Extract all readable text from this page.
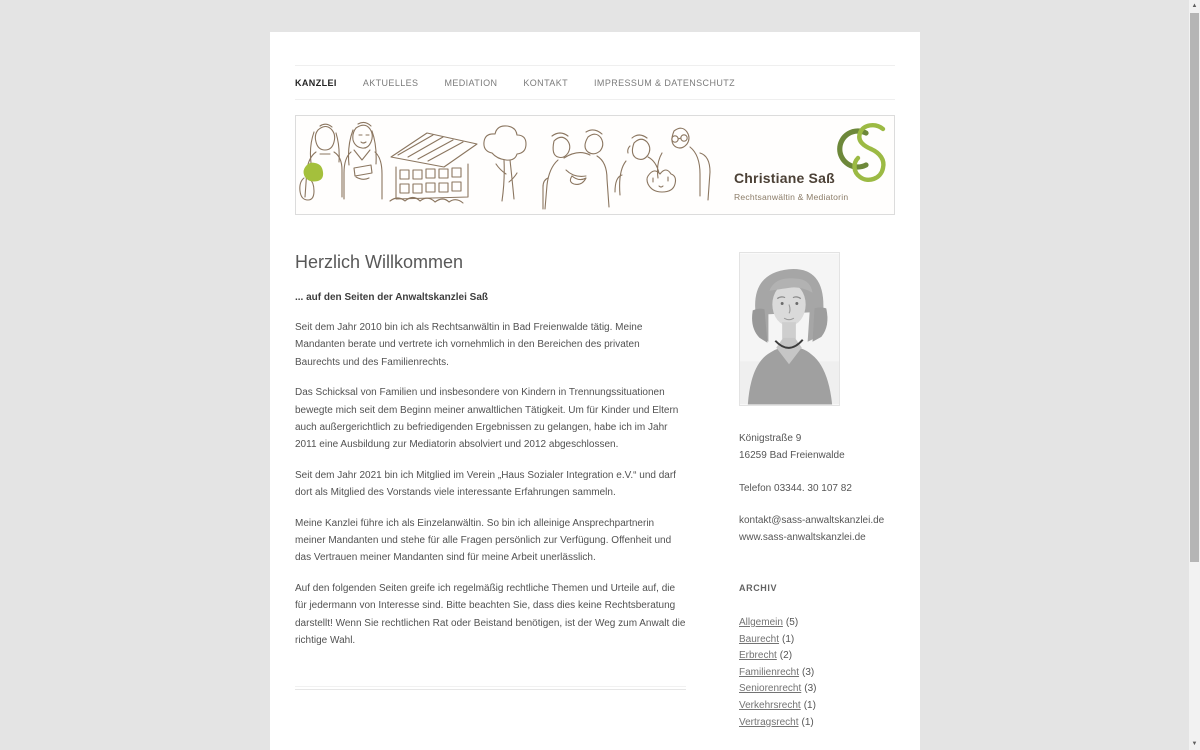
KANZLEI	AKTUELLES	MEDIATION	KONTAKT	IMPRESSUM & DATENSCHUTZ
Christiane Saß
Rechtsanwältin & Mediatorin
Herzlich Willkommen

... auf den Seiten der Anwaltskanzlei Saß

Seit dem Jahr 2010 bin ich als Rechtsanwältin in Bad Freienwalde tätig. Meine Mandanten berate und vertrete ich vornehmlich in den Bereichen des privaten Baurechts und des Familienrechts.

Das Schicksal von Familien und insbesondere von Kindern in Trennungssituationen bewegte mich seit dem Beginn meiner anwaltlichen Tätigkeit. Um für Kinder und Eltern auch außergerichtlich zu befriedigenden Ergebnissen zu gelangen, habe ich im Jahr 2011 eine Ausbildung zur Mediatorin absolviert und 2012 abgeschlossen.

Seit dem Jahr 2021 bin ich Mitglied im Verein „Haus Sozialer Integration e.V.“ und darf dort als Mitglied des Vorstands viele interessante Erfahrungen sammeln.

Meine Kanzlei führe ich als Einzelanwältin. So bin ich alleinige Ansprechpartnerin meiner Mandanten und stehe für alle Fragen persönlich zur Verfügung. Offenheit und das Vertrauen meiner Mandanten sind für meine Arbeit unerlässlich.

Auf den folgenden Seiten greife ich regelmäßig rechtliche Themen und Urteile auf, die für jedermann von Interesse sind. Bitte beachten Sie, dass dies keine Rechtsberatung darstellt! Wenn Sie rechtlichen Rat oder Beistand benötigen, ist der Weg zum Anwalt die richtige Wahl.

Königstraße 9
16259 Bad Freienwalde
Telefon 03344. 30 107 82
kontakt@sass-anwaltskanzlei.de
www.sass-anwaltskanzlei.de
ARCHIV
Allgemein (5)
Baurecht (1)
Erbrecht (2)
Familienrecht (3)
Seniorenrecht (3)
Verkehrsrecht (1)
Vertragsrecht (1)
▲
▼
